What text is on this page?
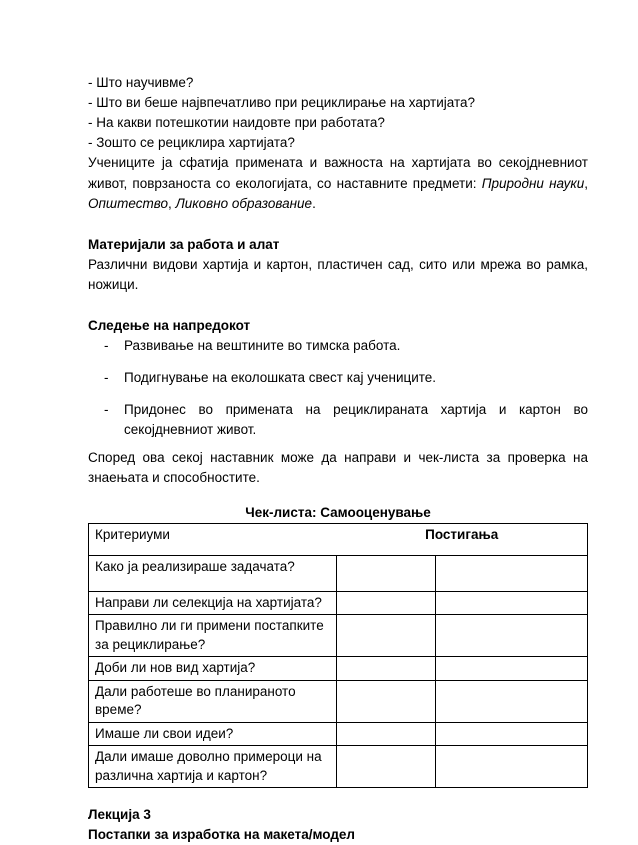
- Што научивме?
- Што ви беше највпечатливо при рециклирање на хартијата?
- На какви потешкотии наидовте при работата?
- Зошто се рециклира хартијата?

Учениците ја сфатија примената и важноста на хартијата во секојдневниот живот, поврзаноста со екологијата, со наставните предмети: Природни науки, Општество, Ликовно образование.

Материјали за работа и алат

Различни видови хартија и картон, пластичен сад, сито или мрежа во рамка, ножици.

Следење на напредокот
- Развивање на вештините во тимска работа.
- Подигнување на еколошката свест кај учениците.
- Придонес во примената на рециклираната хартија и картон во секојдневниот живот.

Според ова секој наставник може да направи и чек-листа за проверка на знаењата и способностите.

Чек-листа: Самооценување
Критериуми	Постигања	
Како ја реализираше задачата?		
Направи ли селекција на хартијата?		
Правилно ли ги примени постапките за рециклирање?		
Доби ли нов вид хартија?		
Дали работеше во планираното време?		
Имаше ли свои идеи?		
Дали имаше доволно примероци на различна хартија и картон?		
Лекција 3
Постапки за изработка на макета/модел
